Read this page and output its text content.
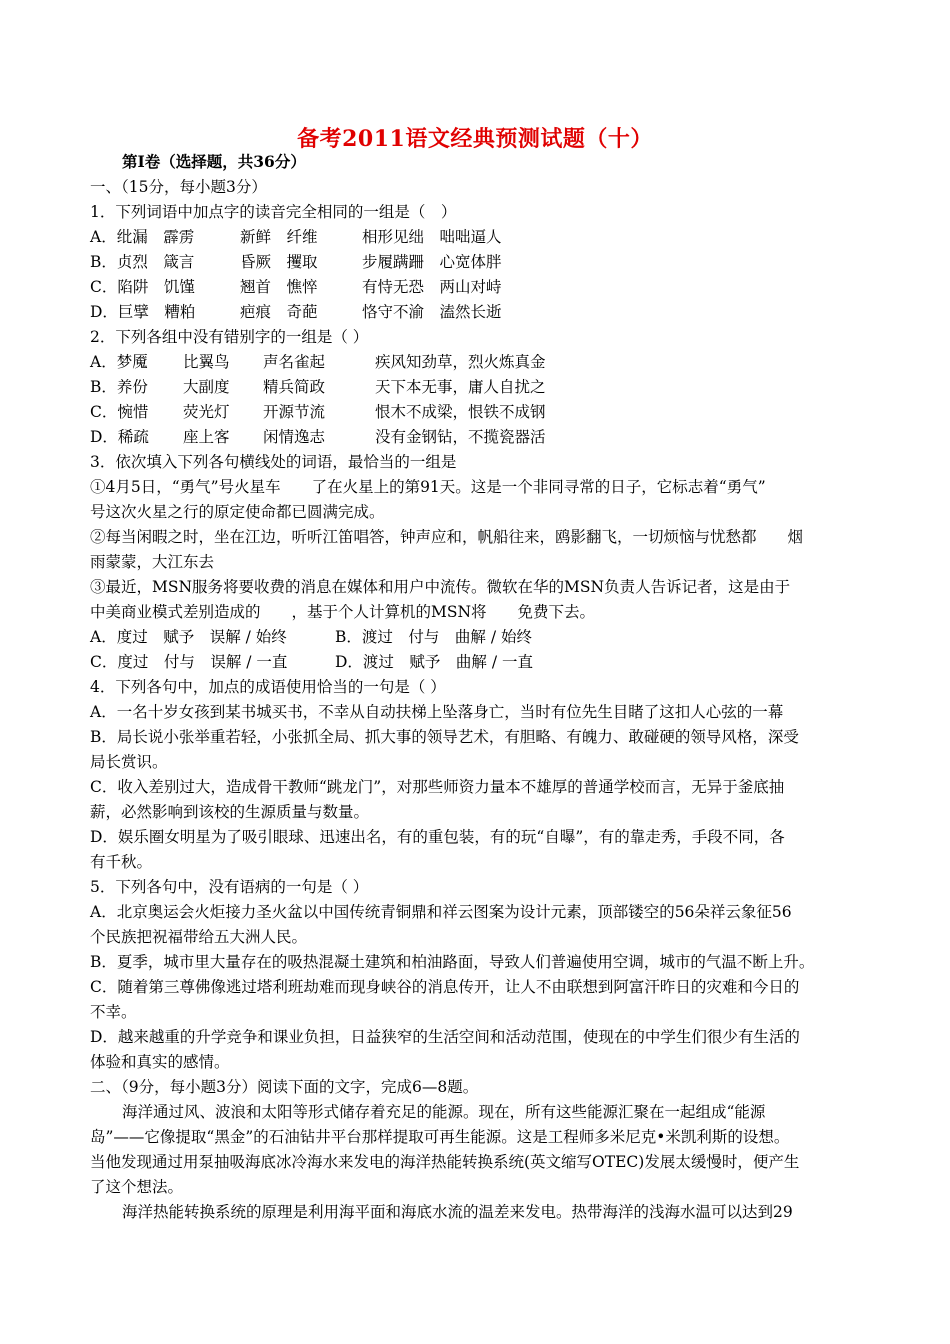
备考2011语文经典预测试题（十）
第Ⅰ卷（选择题，共36分）
一、（15分，每小题3分）
1．下列词语中加点字的读音完全相同的一组是（　）
A．纰漏　霹雳	新鲜　纤维	相形见绌　咄咄逼人
B．贞烈　箴言	昏厥　攫取	步履蹒跚　心宽体胖
C．陷阱　饥馑	翘首　憔悴	有恃无恐　两山对峙
D．巨擘　糟粕	疤痕　奇葩	恪守不渝　溘然长逝
2．下列各组中没有错别字的一组是（ ）
A．梦魇 比翼鸟 声名雀起	疾风知劲草，烈火炼真金
B．养份 大副度 精兵简政	天下本无事，庸人自扰之
C．惋惜 荧光灯 开源节流	恨木不成梁，恨铁不成钢
D．稀疏 座上客 闲情逸志	没有金钢钻，不揽瓷器活
3．依次填入下列各句横线处的词语，最恰当的一组是
①4月5日，“勇气”号火星车　　了在火星上的第91天。这是一个非同寻常的日子，它标志着“勇气”
号这次火星之行的原定使命都已圆满完成。
②每当闲暇之时，坐在江边，听听江笛唱答，钟声应和，帆船往来，鸥影翻飞，一切烦恼与忧愁都　　烟
雨蒙蒙，大江东去
③最近，MSN服务将要收费的消息在媒体和用户中流传。微软在华的MSN负责人告诉记者，这是由于
中美商业模式差别造成的　　，基于个人计算机的MSN将　　免费下去。
A．度过　赋予　误解 / 始终	B．渡过　付与　曲解 / 始终
C．度过　付与　误解 / 一直	D．渡过　赋予　曲解 / 一直
4．下列各句中，加点的成语使用恰当的一句是（ ）
A．一名十岁女孩到某书城买书，不幸从自动扶梯上坠落身亡，当时有位先生目睹了这扣人心弦的一幕
B．局长说小张举重若轻，小张抓全局、抓大事的领导艺术，有胆略、有魄力、敢碰硬的领导风格，深受
局长赏识。
C．收入差别过大，造成骨干教师“跳龙门”，对那些师资力量本不雄厚的普通学校而言，无异于釜底抽
薪，必然影响到该校的生源质量与数量。
D．娱乐圈女明星为了吸引眼球、迅速出名，有的重包装，有的玩“自曝”，有的靠走秀，手段不同，各
有千秋。
5．下列各句中，没有语病的一句是（ ）
A．北京奥运会火炬接力圣火盆以中国传统青铜鼎和祥云图案为设计元素，顶部镂空的56朵祥云象征56
个民族把祝福带给五大洲人民。
B．夏季，城市里大量存在的吸热混凝土建筑和柏油路面，导致人们普遍使用空调，城市的气温不断上升。
C．随着第三尊佛像逃过塔利班劫难而现身峡谷的消息传开，让人不由联想到阿富汗昨日的灾难和今日的
不幸。
D．越来越重的升学竞争和课业负担，日益狭窄的生活空间和活动范围，使现在的中学生们很少有生活的
体验和真实的感情。
二、（9分，每小题3分）阅读下面的文字，完成6—8题。
海洋通过风、波浪和太阳等形式储存着充足的能源。现在，所有这些能源汇聚在一起组成“能源
岛”——它像提取“黑金”的石油钻井平台那样提取可再生能源。这是工程师多米尼克•米凯利斯的设想。
当他发现通过用泵抽吸海底冰冷海水来发电的海洋热能转换系统(英文缩写OTEC)发展太缓慢时，便产生
了这个想法。
海洋热能转换系统的原理是利用海平面和海底水流的温差来发电。热带海洋的浅海水温可以达到29
